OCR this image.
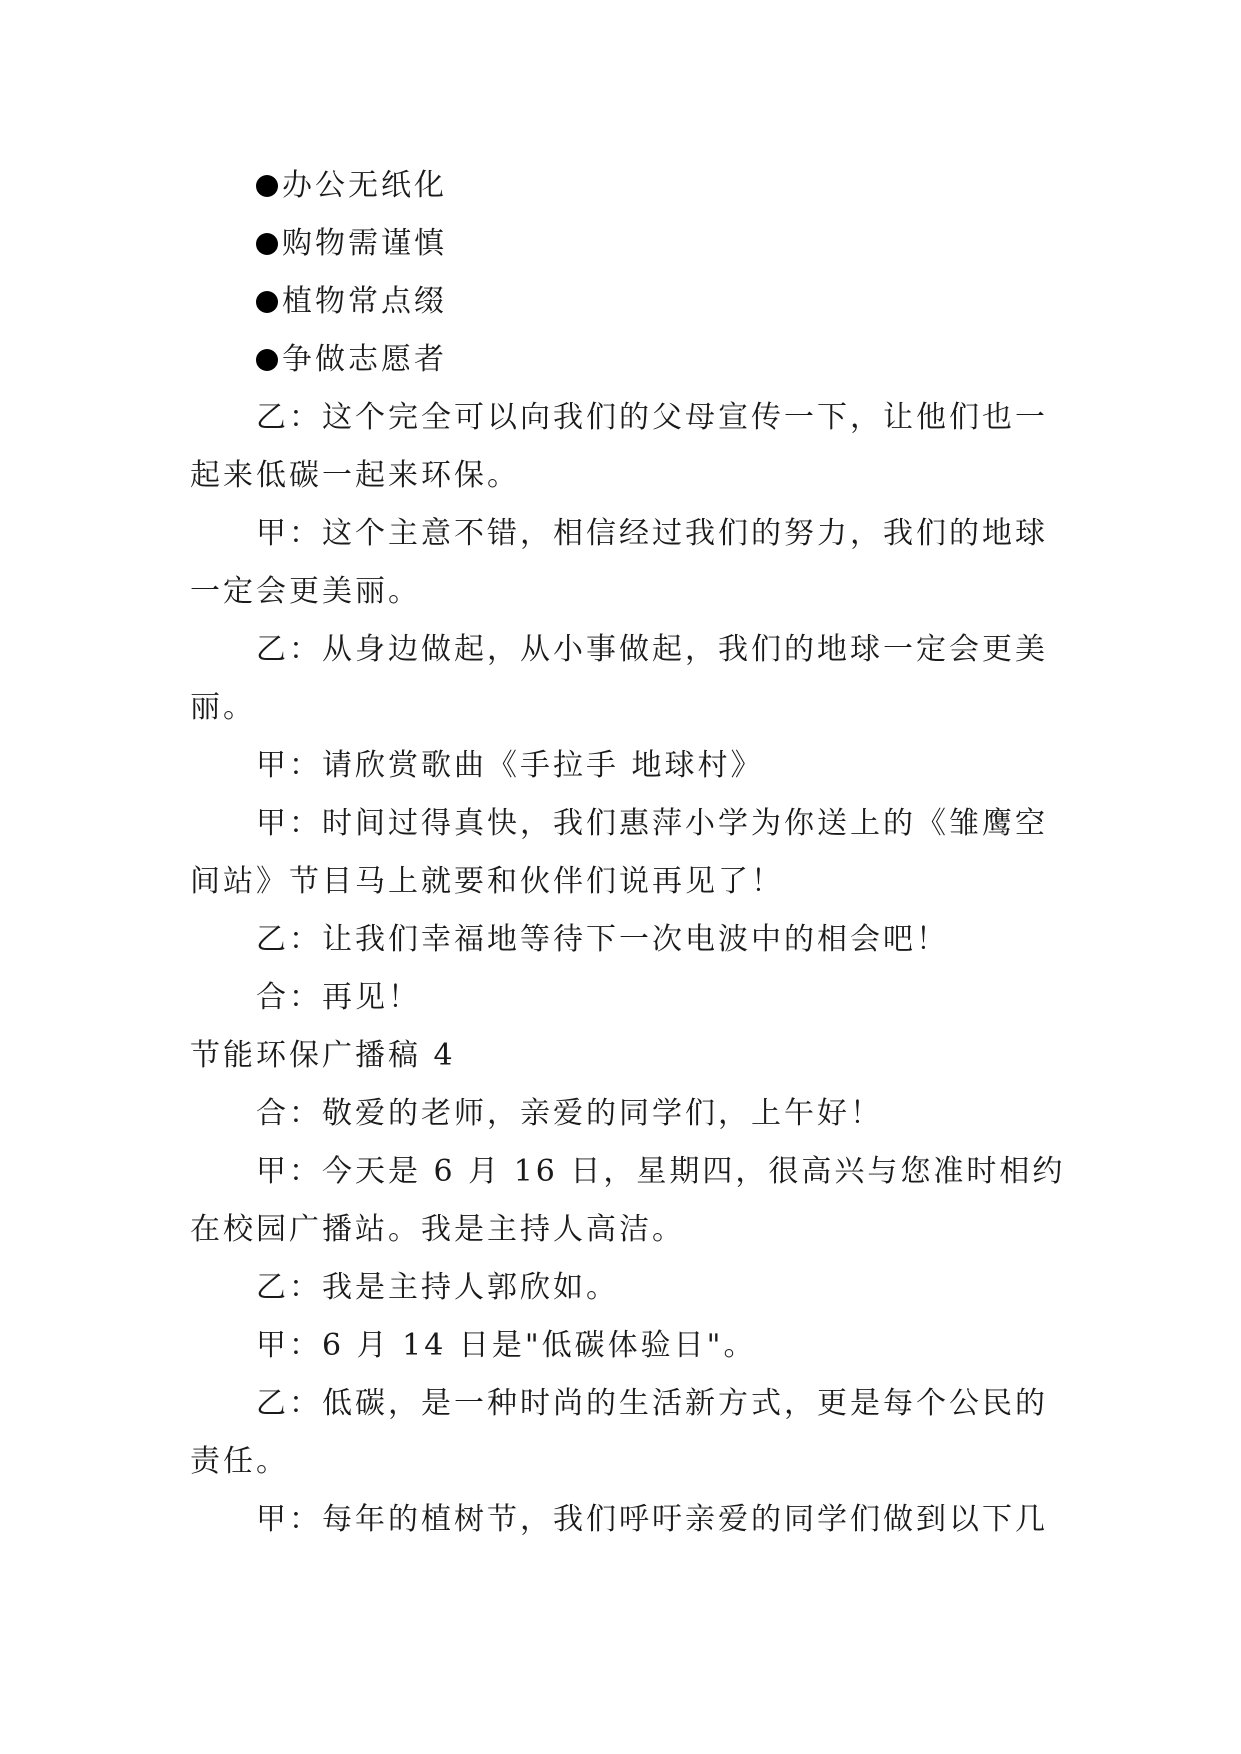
办公无纸化

购物需谨慎

植物常点缀

争做志愿者

乙：这个完全可以向我们的父母宣传一下，让他们也一

起来低碳一起来环保。

甲：这个主意不错，相信经过我们的努力，我们的地球

一定会更美丽。

乙：从身边做起，从小事做起，我们的地球一定会更美

丽。

甲：请欣赏歌曲《手拉手 地球村》

甲：时间过得真快，我们惠萍小学为你送上的《雏鹰空

间站》节目马上就要和伙伴们说再见了！

乙：让我们幸福地等待下一次电波中的相会吧！

合：再见！

节能环保广播稿 4

合：敬爱的老师，亲爱的同学们，上午好！

甲：今天是 6 月 16 日，星期四，很高兴与您准时相约

在校园广播站。我是主持人高洁。

乙：我是主持人郭欣如。

甲：6 月 14 日是"低碳体验日"。

乙：低碳，是一种时尚的生活新方式，更是每个公民的

责任。

甲：每年的植树节，我们呼吁亲爱的同学们做到以下几
